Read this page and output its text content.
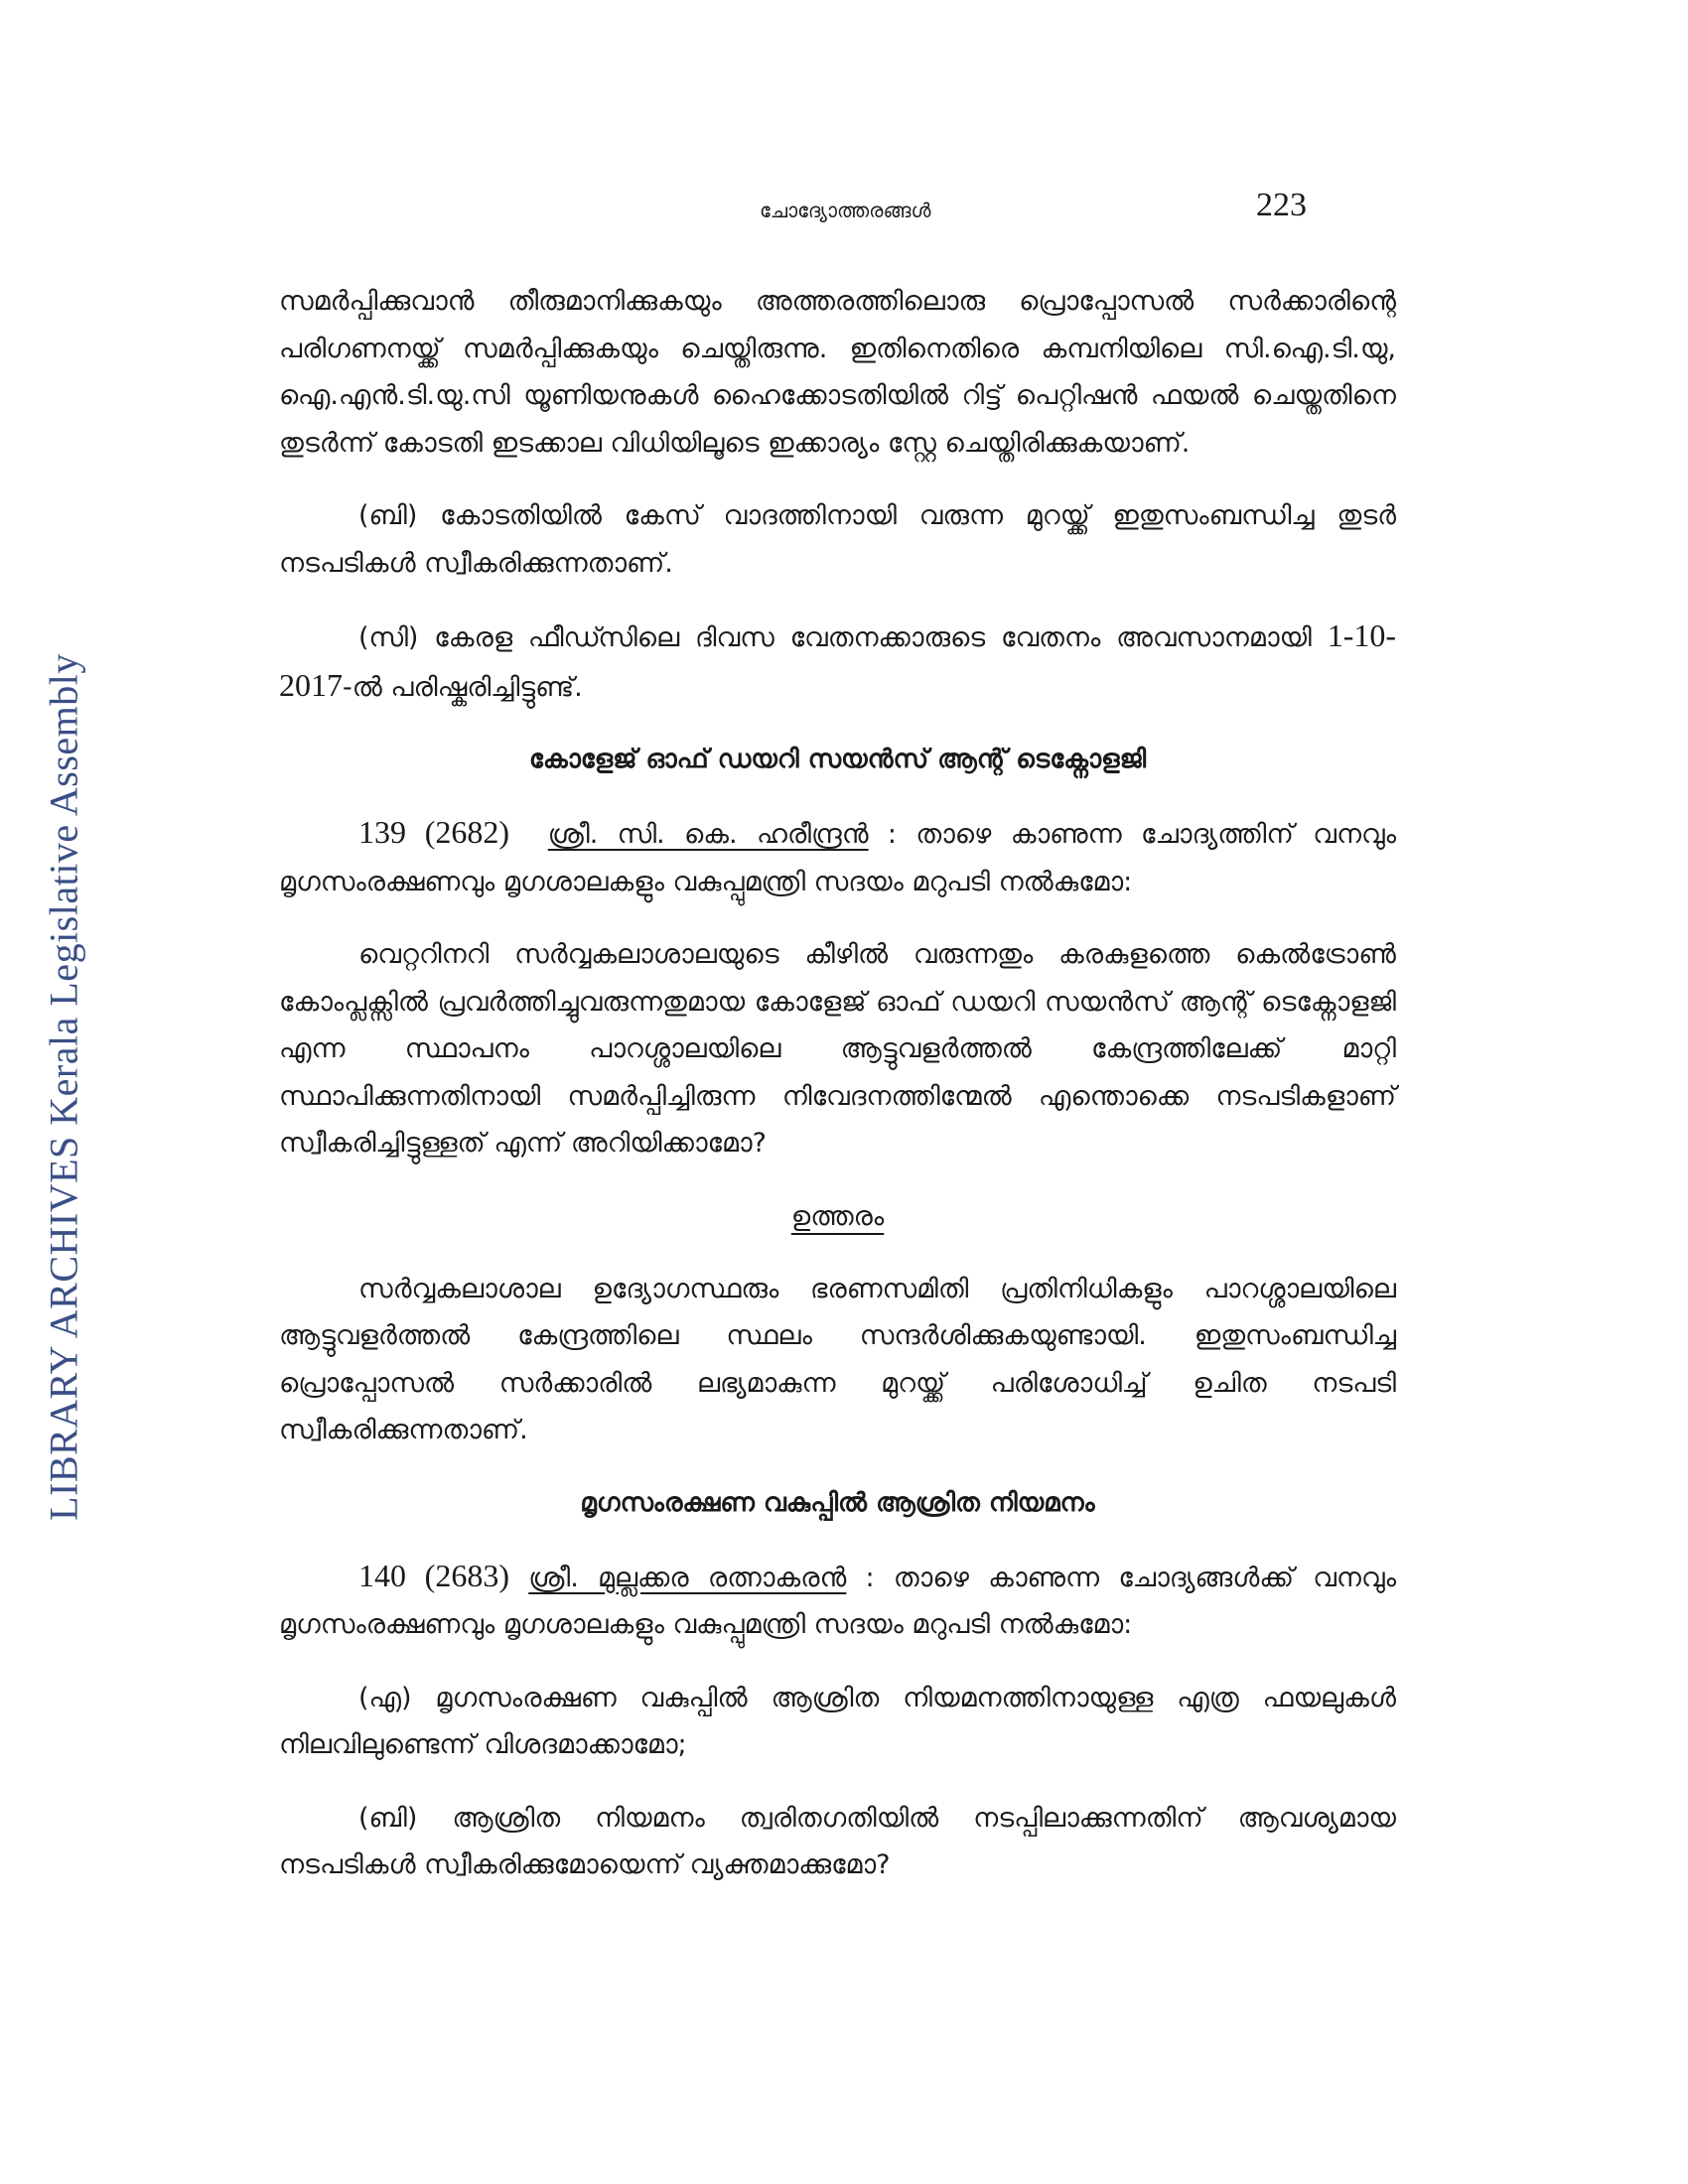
LIBRARY ARCHIVES Kerala Legislative Assembly
ചോദ്യോത്തരങ്ങൾ	223

സമർപ്പിക്കുവാൻ തീരുമാനിക്കുകയും അത്തരത്തിലൊരു പ്രൊപ്പോസൽ സർക്കാരിന്റെ പരിഗണനയ്ക്ക് സമർപ്പിക്കുകയും ചെയ്തിരുന്നു. ഇതിനെതിരെ കമ്പനിയിലെ സി.ഐ.ടി.യു, ഐ.എൻ.ടി.യു.സി യൂണിയനുകൾ ഹൈക്കോടതിയിൽ റിട്ട് പെറ്റിഷൻ ഫയൽ ചെയ്തതിനെ തുടർന്ന് കോടതി ഇടക്കാല വിധിയിലൂടെ ഇക്കാര്യം സ്റ്റേ ചെയ്തിരിക്കുകയാണ്.

(ബി) കോടതിയിൽ കേസ് വാദത്തിനായി വരുന്ന മുറയ്ക്ക് ഇതുസംബന്ധിച്ച തുടർ നടപടികൾ സ്വീകരിക്കുന്നതാണ്.

(സി) കേരള ഫീഡ്സിലെ ദിവസ വേതനക്കാരുടെ വേതനം അവസാനമായി 1-10-2017-ൽ പരിഷ്കരിച്ചിട്ടുണ്ട്.

കോളേജ് ഓഫ് ഡയറി സയൻസ് ആന്റ് ടെക്നോളജി

139 (2682) ശ്രീ. സി. കെ. ഹരീന്ദ്രൻ : താഴെ കാണുന്ന ചോദ്യത്തിന് വനവും മൃഗസംരക്ഷണവും മൃഗശാലകളും വകുപ്പുമന്ത്രി സദയം മറുപടി നൽകുമോ:

വെറ്ററിനറി സർവ്വകലാശാലയുടെ കീഴിൽ വരുന്നതും കരകുളത്തെ കെൽട്രോൺ കോംപ്ലക്സിൽ പ്രവർത്തിച്ചുവരുന്നതുമായ കോളേജ് ഓഫ് ഡയറി സയൻസ് ആന്റ് ടെക്നോളജി എന്ന സ്ഥാപനം പാറശ്ശാലയിലെ ആട്ടുവളർത്തൽ കേന്ദ്രത്തിലേക്ക് മാറ്റി സ്ഥാപിക്കുന്നതിനായി സമർപ്പിച്ചിരുന്ന നിവേദനത്തിന്മേൽ എന്തൊക്കെ നടപടികളാണ് സ്വീകരിച്ചിട്ടുള്ളത് എന്ന് അറിയിക്കാമോ?

ഉത്തരം

സർവ്വകലാശാല ഉദ്യോഗസ്ഥരും ഭരണസമിതി പ്രതിനിധികളും പാറശ്ശാലയിലെ ആട്ടുവളർത്തൽ കേന്ദ്രത്തിലെ സ്ഥലം സന്ദർശിക്കുകയുണ്ടായി. ഇതുസംബന്ധിച്ച പ്രൊപ്പോസൽ സർക്കാരിൽ ലഭ്യമാകുന്ന മുറയ്ക്ക് പരിശോധിച്ച് ഉചിത നടപടി സ്വീകരിക്കുന്നതാണ്.

മൃഗസംരക്ഷണ വകുപ്പിൽ ആശ്രിത നിയമനം

140 (2683) ശ്രീ. മുല്ലക്കര രത്നാകരൻ : താഴെ കാണുന്ന ചോദ്യങ്ങൾക്ക് വനവും മൃഗസംരക്ഷണവും മൃഗശാലകളും വകുപ്പുമന്ത്രി സദയം മറുപടി നൽകുമോ:

(എ) മൃഗസംരക്ഷണ വകുപ്പിൽ ആശ്രിത നിയമനത്തിനായുള്ള എത്ര ഫയലുകൾ നിലവിലുണ്ടെന്ന് വിശദമാക്കാമോ;

(ബി) ആശ്രിത നിയമനം ത്വരിതഗതിയിൽ നടപ്പിലാക്കുന്നതിന് ആവശ്യമായ നടപടികൾ സ്വീകരിക്കുമോയെന്ന് വ്യക്തമാക്കുമോ?
